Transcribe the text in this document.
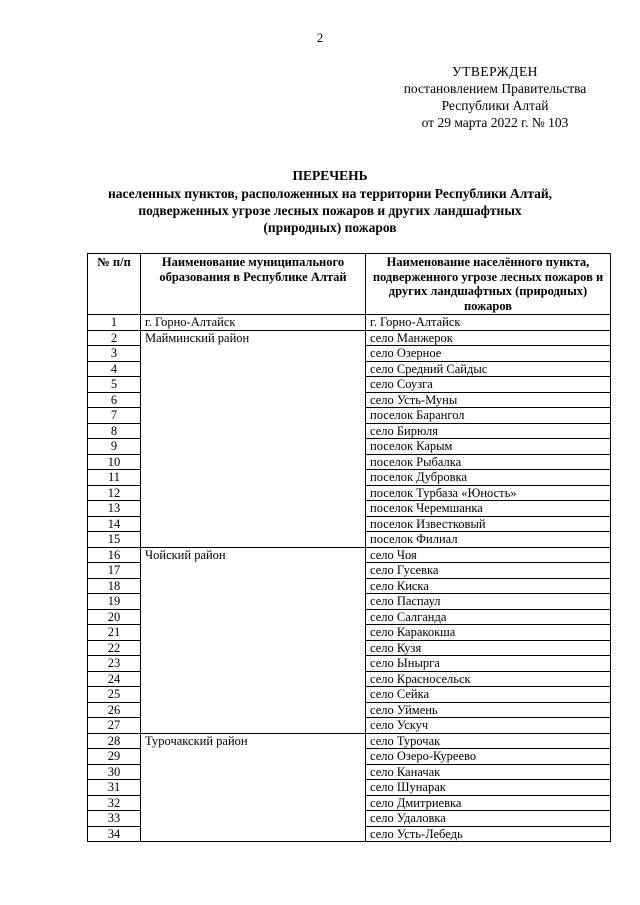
2
УТВЕРЖДЕН
постановлением Правительства
Республики Алтай
от 29 марта 2022 г. № 103
ПЕРЕЧЕНЬ
населенных пунктов, расположенных на территории Республики Алтай,
подверженных угрозе лесных пожаров и других ландшафтных
(природных) пожаров
№ п/п	Наименование муниципального образования в Республике Алтай	Наименование населённого пункта, подверженного угрозе лесных пожаров и других ландшафтных (природных) пожаров
1	г. Горно-Алтайск	г. Горно-Алтайск
2	Майминский район	село Манжерок
3		село Озерное
4		село Средний Сайдыс
5		село Соузга
6		село Усть-Муны
7		поселок Барангол
8		село Бирюля
9		поселок Карым
10		поселок Рыбалка
11		поселок Дубровка
12		поселок Турбаза «Юность»
13		поселок Черемшанка
14		поселок Известковый
15		поселок Филиал
16	Чойский район	село Чоя
17		село Гусевка
18		село Киска
19		село Паспаул
20		село Салганда
21		село Каракокша
22		село Кузя
23		село Ынырга
24		село Красносельск
25		село Сейка
26		село Уймень
27		село Ускуч
28	Турочакский район	село Турочак
29		село Озеро-Куреево
30		село Каначак
31		село Шунарак
32		село Дмитриевка
33		село Удаловка
34		село Усть-Лебедь
